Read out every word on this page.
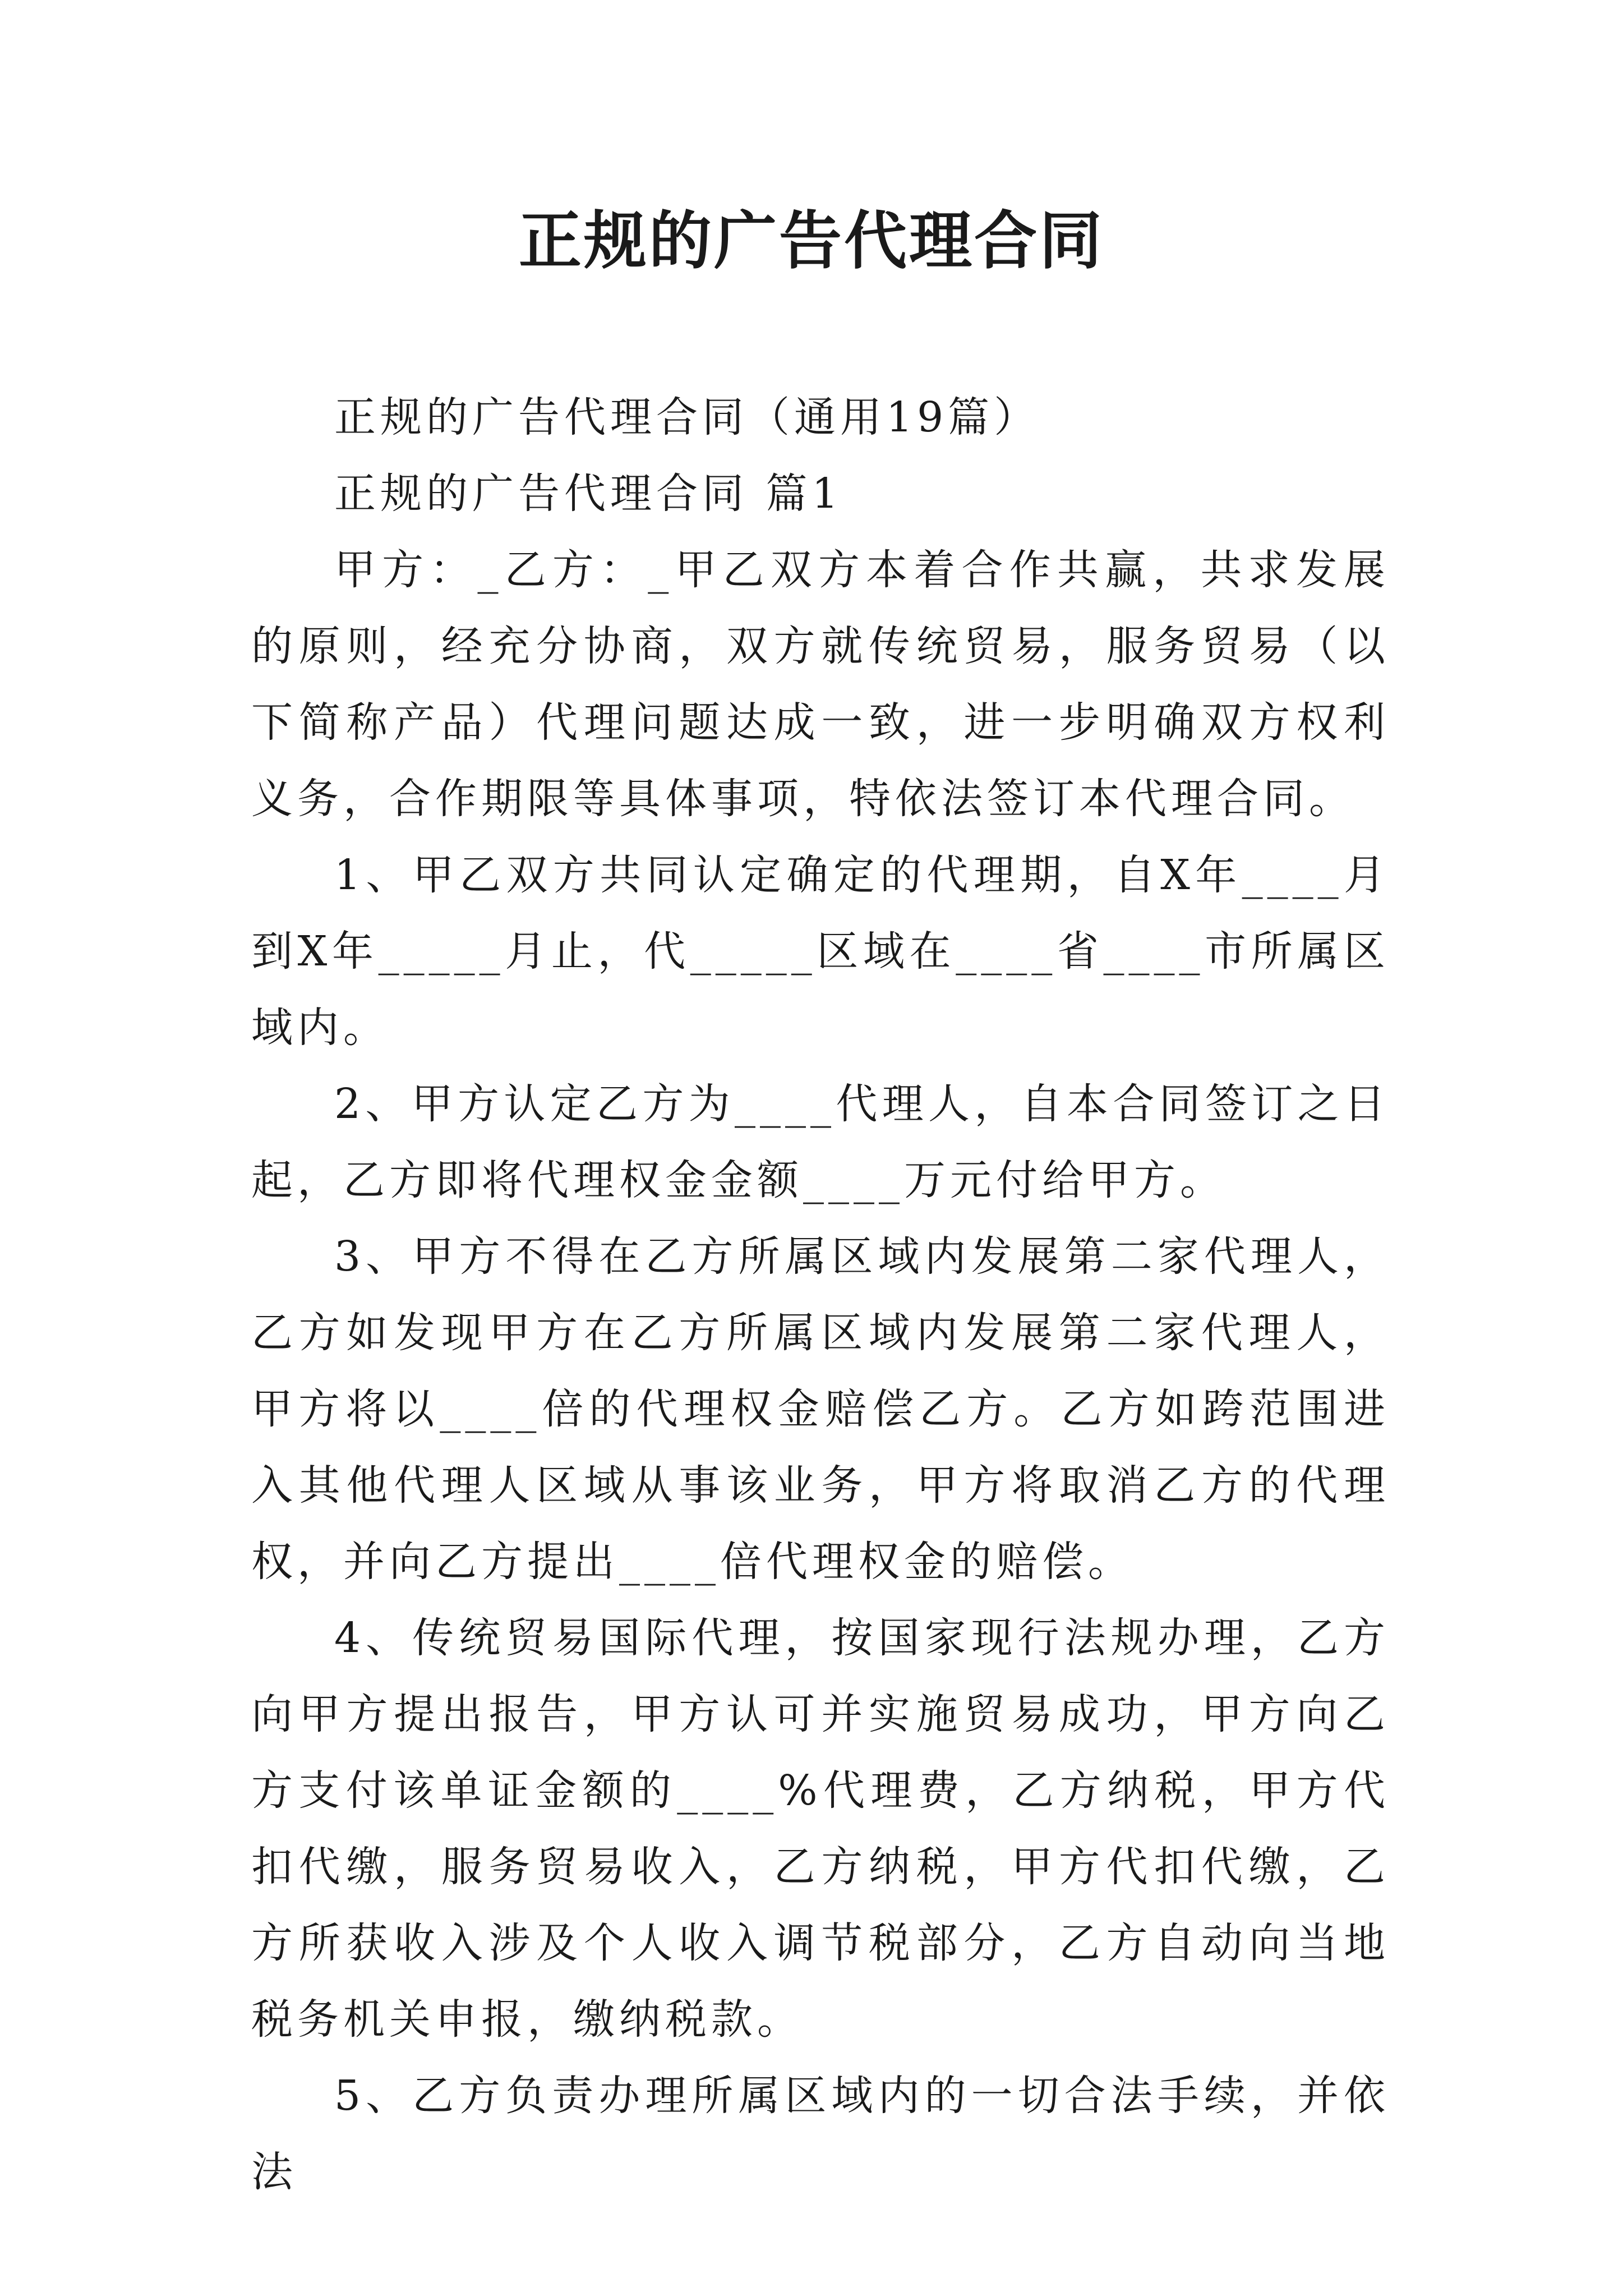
正规的广告代理合同

正规的广告代理合同（通用19篇）

正规的广告代理合同 篇1

甲方：_乙方：_甲乙双方本着合作共赢，共求发展的原则，经充分协商，双方就传统贸易，服务贸易（以下简称产品）代理问题达成一致，进一步明确双方权利义务，合作期限等具体事项，特依法签订本代理合同。

1、甲乙双方共同认定确定的代理期，自X年____月到X年_____月止，代_____区域在____省____市所属区域内。

2、甲方认定乙方为____代理人，自本合同签订之日起，乙方即将代理权金金额____万元付给甲方。

3、甲方不得在乙方所属区域内发展第二家代理人，乙方如发现甲方在乙方所属区域内发展第二家代理人，甲方将以____倍的代理权金赔偿乙方。乙方如跨范围进入其他代理人区域从事该业务，甲方将取消乙方的代理权，并向乙方提出____倍代理权金的赔偿。

4、传统贸易国际代理，按国家现行法规办理，乙方向甲方提出报告，甲方认可并实施贸易成功，甲方向乙方支付该单证金额的____%代理费，乙方纳税，甲方代扣代缴，服务贸易收入，乙方纳税，甲方代扣代缴，乙方所获收入涉及个人收入调节税部分，乙方自动向当地税务机关申报，缴纳税款。

5、乙方负责办理所属区域内的一切合法手续，并依法
